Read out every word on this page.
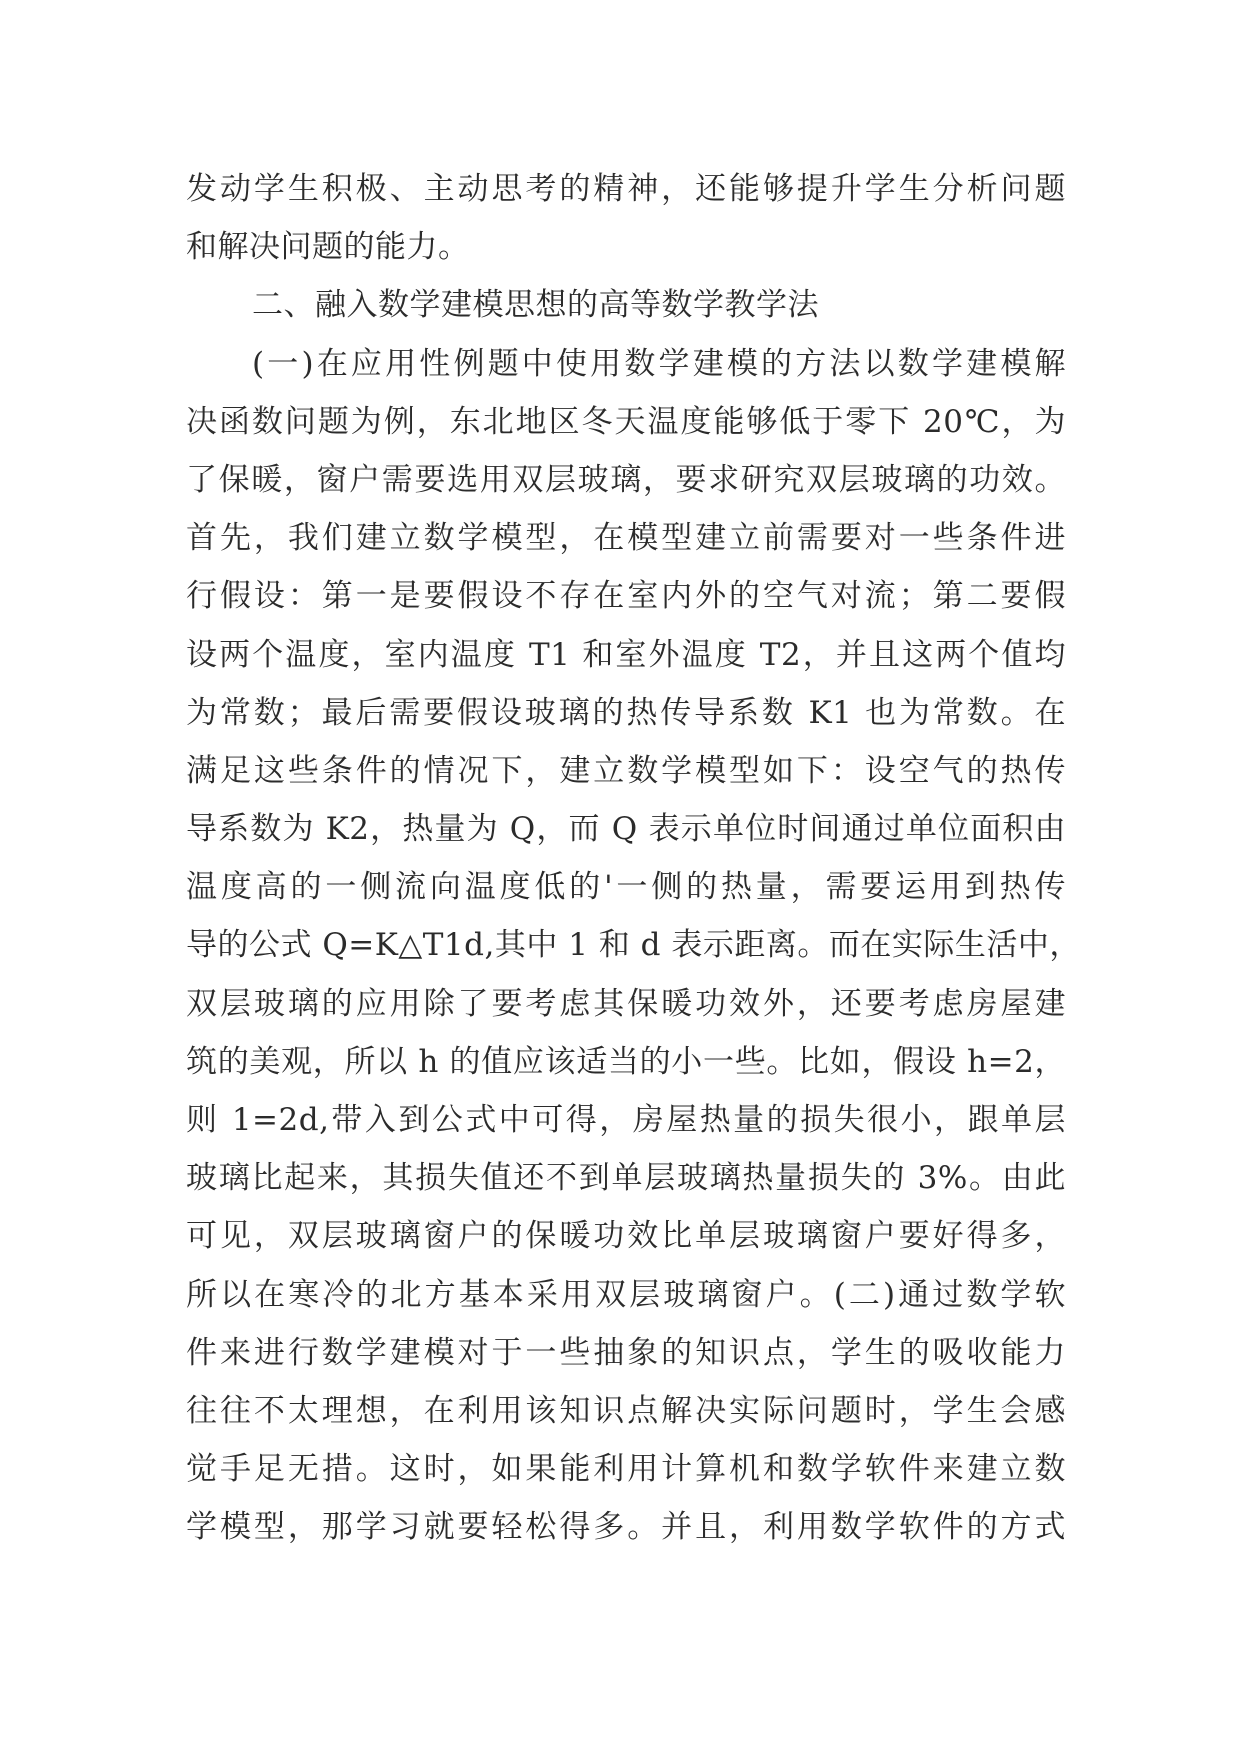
发动学生积极、主动思考的精神，还能够提升学生分析问题
和解决问题的能力。
二、融入数学建模思想的高等数学教学法
(一)在应用性例题中使用数学建模的方法以数学建模解
决函数问题为例，东北地区冬天温度能够低于零下 20℃，为
了保暖，窗户需要选用双层玻璃，要求研究双层玻璃的功效。
首先，我们建立数学模型，在模型建立前需要对一些条件进
行假设：第一是要假设不存在室内外的空气对流；第二要假
设两个温度，室内温度 T1 和室外温度 T2，并且这两个值均
为常数；最后需要假设玻璃的热传导系数 K1 也为常数。在
满足这些条件的情况下，建立数学模型如下：设空气的热传
导系数为 K2，热量为 Q，而 Q 表示单位时间通过单位面积由
温度高的一侧流向温度低的'一侧的热量，需要运用到热传
导的公式 Q=K△T1d,其中 1 和 d 表示距离。而在实际生活中，
双层玻璃的应用除了要考虑其保暖功效外，还要考虑房屋建
筑的美观，所以 h 的值应该适当的小一些。比如，假设 h=2，
则 1=2d,带入到公式中可得，房屋热量的损失很小，跟单层
玻璃比起来，其损失值还不到单层玻璃热量损失的 3%。由此
可见，双层玻璃窗户的保暖功效比单层玻璃窗户要好得多，
所以在寒冷的北方基本采用双层玻璃窗户。(二)通过数学软
件来进行数学建模对于一些抽象的知识点，学生的吸收能力
往往不太理想，在利用该知识点解决实际问题时，学生会感
觉手足无措。这时，如果能利用计算机和数学软件来建立数
学模型，那学习就要轻松得多。并且，利用数学软件的方式
